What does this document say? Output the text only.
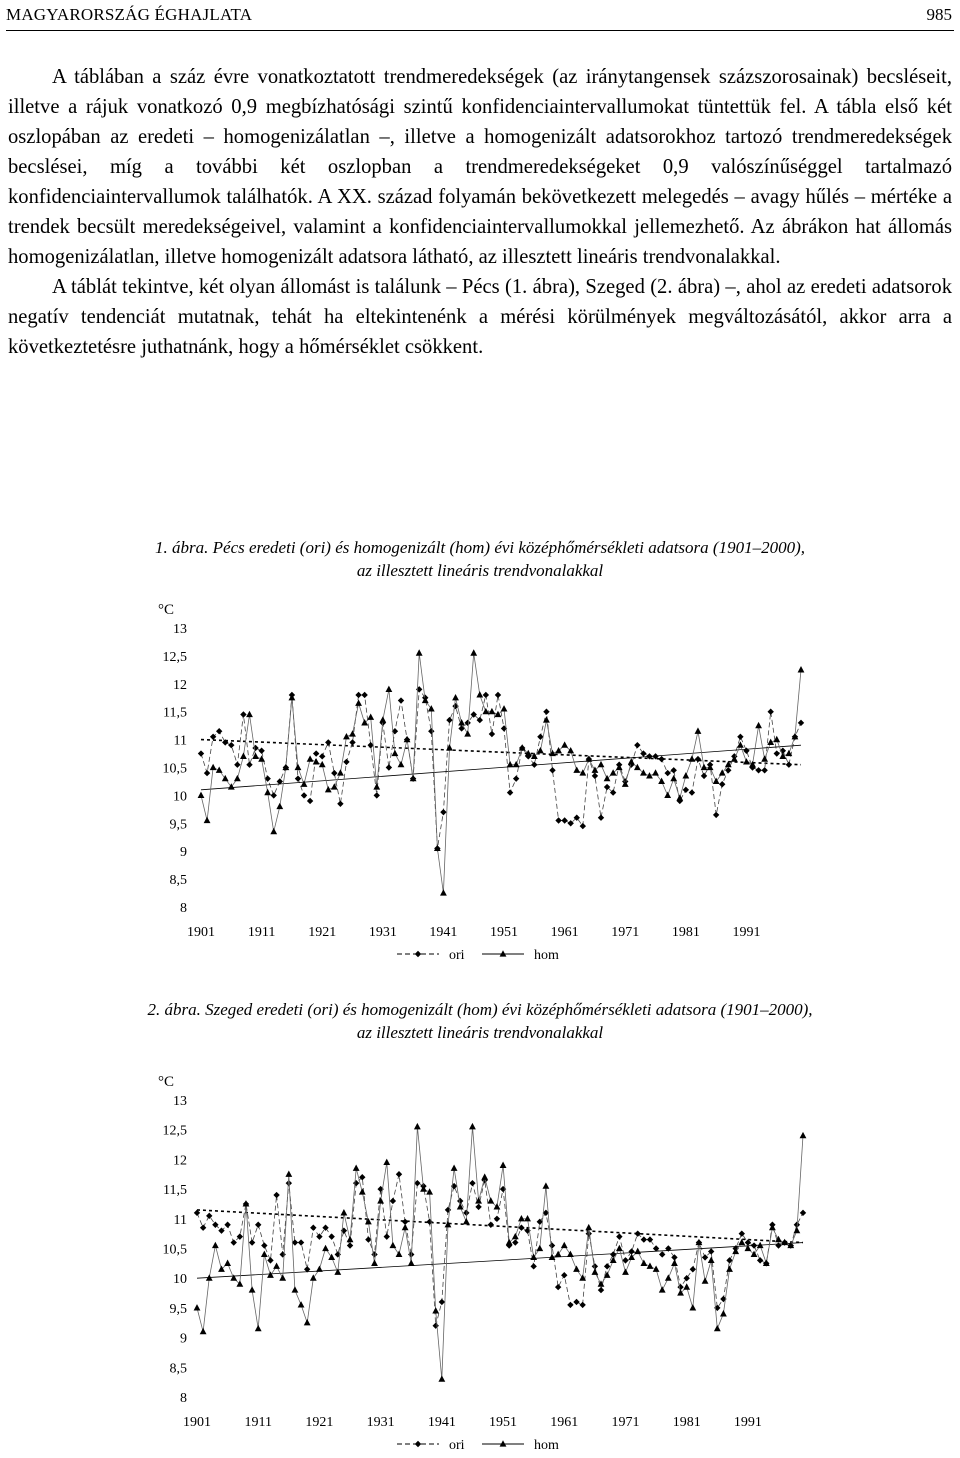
MAGYARORSZÁG ÉGHAJLATA	985

A táblában a száz évre vonatkoztatott trendmeredekségek (az iránytangensek százszorosainak) becsléseit, illetve a rájuk vonatkozó 0,9 megbízhatósági szintű konfidenciaintervallumokat tüntettük fel. A tábla első két oszlopában az eredeti – homogenizálatlan –, illetve a homogenizált adatsorokhoz tartozó trendmeredekségek becslései, míg a további két oszlopban a trendmeredekségeket 0,9 valószínűséggel tartalmazó konfidenciaintervallumok találhatók. A XX. század folyamán bekövetkezett melegedés – avagy hűlés – mértéke a trendek becsült meredekségeivel, valamint a konfidenciaintervallumokkal jellemezhető. Az ábrákon hat állomás homogenizálatlan, illetve homogenizált adatsora látható, az illesztett lineáris trendvonalakkal.

A táblát tekintve, két olyan állomást is találunk – Pécs (1. ábra), Szeged (2. ábra) –, ahol az eredeti adatsorok negatív tendenciát mutatnak, tehát ha eltekintenénk a mérési körülmények megváltozásától, akkor arra a következtetésre juthatnánk, hogy a hőmérséklet csökkent.

1. ábra. Pécs eredeti (ori) és homogenizált (hom) évi középhőmérsékleti adatsora (1901–2000),
az illesztett lineáris trendvonalakkal
°C
13
12,5
12
11,5
11
10,5
10
9,5
9
8,5
8
1901 1911 1921 1931 1941 1951 1961 1971 1981 1991
ori	hom
2. ábra. Szeged eredeti (ori) és homogenizált (hom) évi középhőmérsékleti adatsora (1901–2000),
az illesztett lineáris trendvonalakkal
°C
13
12,5
12
11,5
11
10,5
10
9,5
9
8,5
8
1901 1911 1921 1931 1941 1951 1961 1971 1981 1991
ori	hom
